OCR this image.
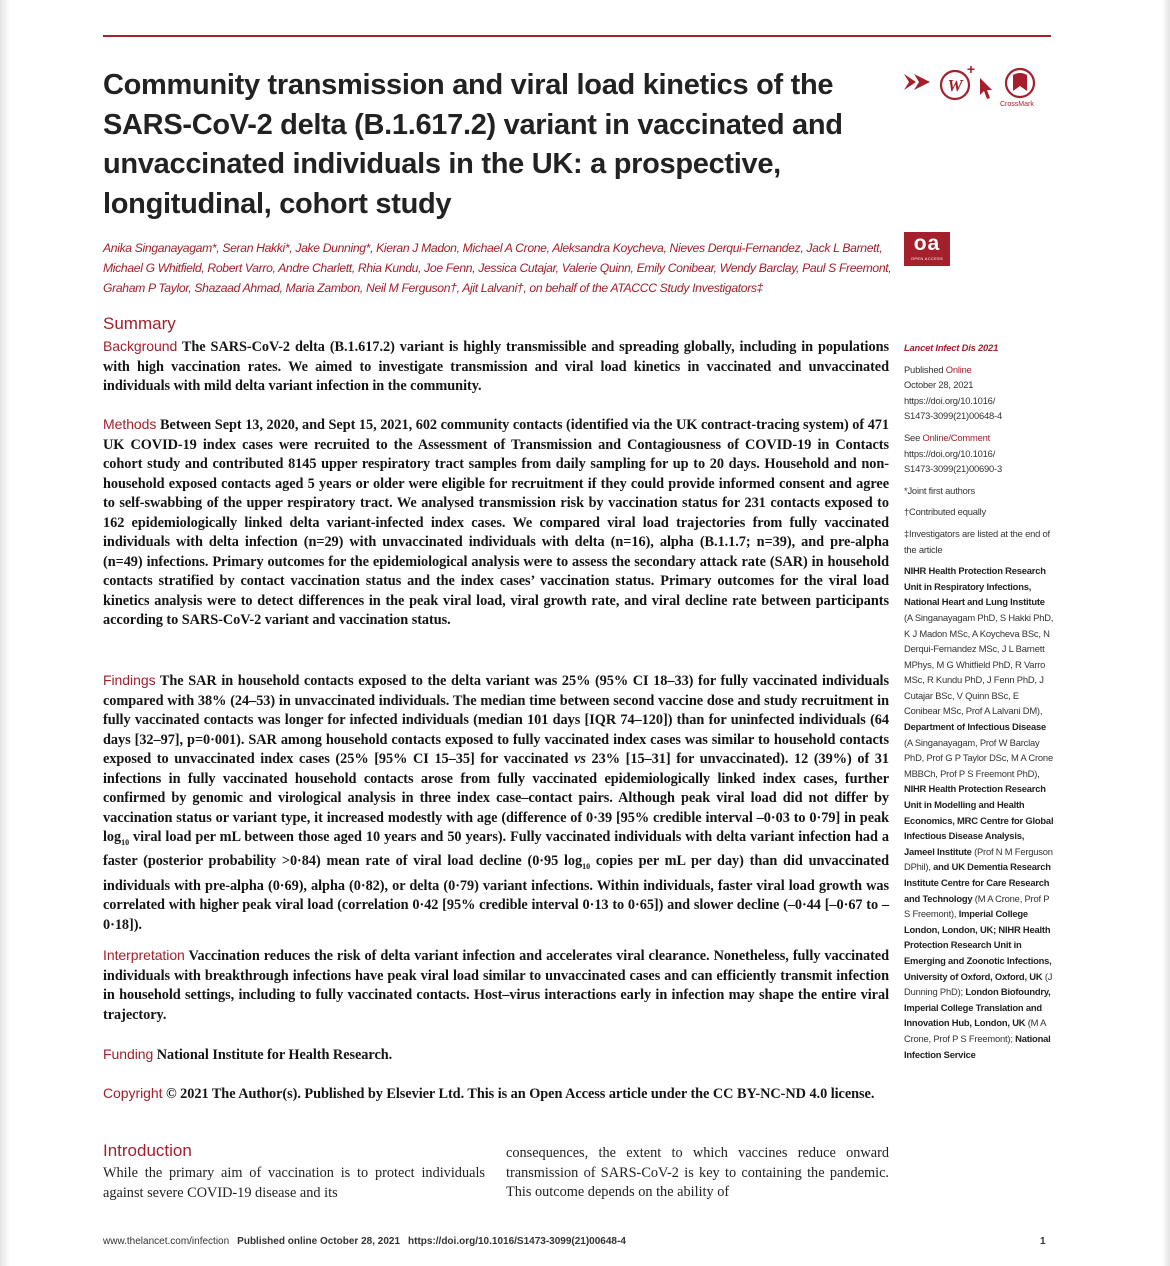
Community transmission and viral load kinetics of the SARS-CoV-2 delta (B.1.617.2) variant in vaccinated and unvaccinated individuals in the UK: a prospective, longitudinal, cohort study
W
+
CrossMark

Anika Singanayagam*, Seran Hakki*, Jake Dunning*, Kieran J Madon, Michael A Crone, Aleksandra Koycheva, Nieves Derqui-Fernandez, Jack L Barnett, Michael G Whitfield, Robert Varro, Andre Charlett, Rhia Kundu, Joe Fenn, Jessica Cutajar, Valerie Quinn, Emily Conibear, Wendy Barclay, Paul S Freemont, Graham P Taylor, Shazaad Ahmad, Maria Zambon, Neil M Ferguson†, Ajit Lalvani†, on behalf of the ATACCC Study Investigators‡

oa
OPEN ACCESS
Summary

Background The SARS-CoV-2 delta (B.1.617.2) variant is highly transmissible and spreading globally, including in populations with high vaccination rates. We aimed to investigate transmission and viral load kinetics in vaccinated and unvaccinated individuals with mild delta variant infection in the community.

Methods Between Sept 13, 2020, and Sept 15, 2021, 602 community contacts (identified via the UK contract-tracing system) of 471 UK COVID-19 index cases were recruited to the Assessment of Transmission and Contagiousness of COVID-19 in Contacts cohort study and contributed 8145 upper respiratory tract samples from daily sampling for up to 20 days. Household and non-household exposed contacts aged 5 years or older were eligible for recruitment if they could provide informed consent and agree to self-swabbing of the upper respiratory tract. We analysed transmission risk by vaccination status for 231 contacts exposed to 162 epidemiologically linked delta variant-infected index cases. We compared viral load trajectories from fully vaccinated individuals with delta infection (n=29) with unvaccinated individuals with delta (n=16), alpha (B.1.1.7; n=39), and pre-alpha (n=49) infections. Primary outcomes for the epidemiological analysis were to assess the secondary attack rate (SAR) in household contacts stratified by contact vaccination status and the index cases’ vaccination status. Primary outcomes for the viral load kinetics analysis were to detect differences in the peak viral load, viral growth rate, and viral decline rate between participants according to SARS-CoV-2 variant and vaccination status.

Findings The SAR in household contacts exposed to the delta variant was 25% (95% CI 18–33) for fully vaccinated individuals compared with 38% (24–53) in unvaccinated individuals. The median time between second vaccine dose and study recruitment in fully vaccinated contacts was longer for infected individuals (median 101 days [IQR 74–120]) than for uninfected individuals (64 days [32–97], p=0·001). SAR among household contacts exposed to fully vaccinated index cases was similar to household contacts exposed to unvaccinated index cases (25% [95% CI 15–35] for vaccinated vs 23% [15–31] for unvaccinated). 12 (39%) of 31 infections in fully vaccinated household contacts arose from fully vaccinated epidemiologically linked index cases, further confirmed by genomic and virological analysis in three index case–contact pairs. Although peak viral load did not differ by vaccination status or variant type, it increased modestly with age (difference of 0·39 [95% credible interval –0·03 to 0·79] in peak $\log_{10}$ viral load per mL between those aged 10 years and 50 years). Fully vaccinated individuals with delta variant infection had a faster (posterior probability >0·84) mean rate of viral load decline (0·95 $\log_{10}$ copies per mL per day) than did unvaccinated individuals with pre-alpha (0·69), alpha (0·82), or delta (0·79) variant infections. Within individuals, faster viral load growth was correlated with higher peak viral load (correlation 0·42 [95% credible interval 0·13 to 0·65]) and slower decline (–0·44 [–0·67 to –0·18]).

Interpretation Vaccination reduces the risk of delta variant infection and accelerates viral clearance. Nonetheless, fully vaccinated individuals with breakthrough infections have peak viral load similar to unvaccinated cases and can efficiently transmit infection in household settings, including to fully vaccinated contacts. Host–virus interactions early in infection may shape the entire viral trajectory.

Funding National Institute for Health Research.

Copyright © 2021 The Author(s). Published by Elsevier Ltd. This is an Open Access article under the CC BY-NC-ND 4.0 license.

Introduction

While the primary aim of vaccination is to protect individuals against severe COVID-19 disease and its

consequences, the extent to which vaccines reduce onward transmission of SARS-CoV-2 is key to containing the pandemic. This outcome depends on the ability of

Lancet Infect Dis 2021

Published Online

October 28, 2021

https://doi.org/10.1016/

S1473-3099(21)00648-4

See Online/Comment

https://doi.org/10.1016/

S1473-3099(21)00690-3

*Joint first authors

†Contributed equally

‡Investigators are listed at the end of the article

NIHR Health Protection Research Unit in Respiratory Infections, National Heart and Lung Institute (A Singanayagam PhD, S Hakki PhD, K J Madon MSc, A Koycheva BSc, N Derqui-Fernandez MSc, J L Barnett MPhys, M G Whitfield PhD, R Varro MSc, R Kundu PhD, J Fenn PhD, J Cutajar BSc, V Quinn BSc, E Conibear MSc, Prof A Lalvani DM), Department of Infectious Disease (A Singanayagam, Prof W Barclay PhD, Prof G P Taylor DSc, M A Crone MBBCh, Prof P S Freemont PhD), NIHR Health Protection Research Unit in Modelling and Health Economics, MRC Centre for Global Infectious Disease Analysis, Jameel Institute (Prof N M Ferguson DPhil), and UK Dementia Research Institute Centre for Care Research and Technology (M A Crone, Prof P S Freemont), Imperial College London, London, UK; NIHR Health Protection Research Unit in Emerging and Zoonotic Infections, University of Oxford, Oxford, UK (J Dunning PhD); London Biofoundry, Imperial College Translation and Innovation Hub, London, UK (M A Crone, Prof P S Freemont); National Infection Service

www.thelancet.com/infection Published online October 28, 2021 https://doi.org/10.1016/S1473-3099(21)00648-4	1
